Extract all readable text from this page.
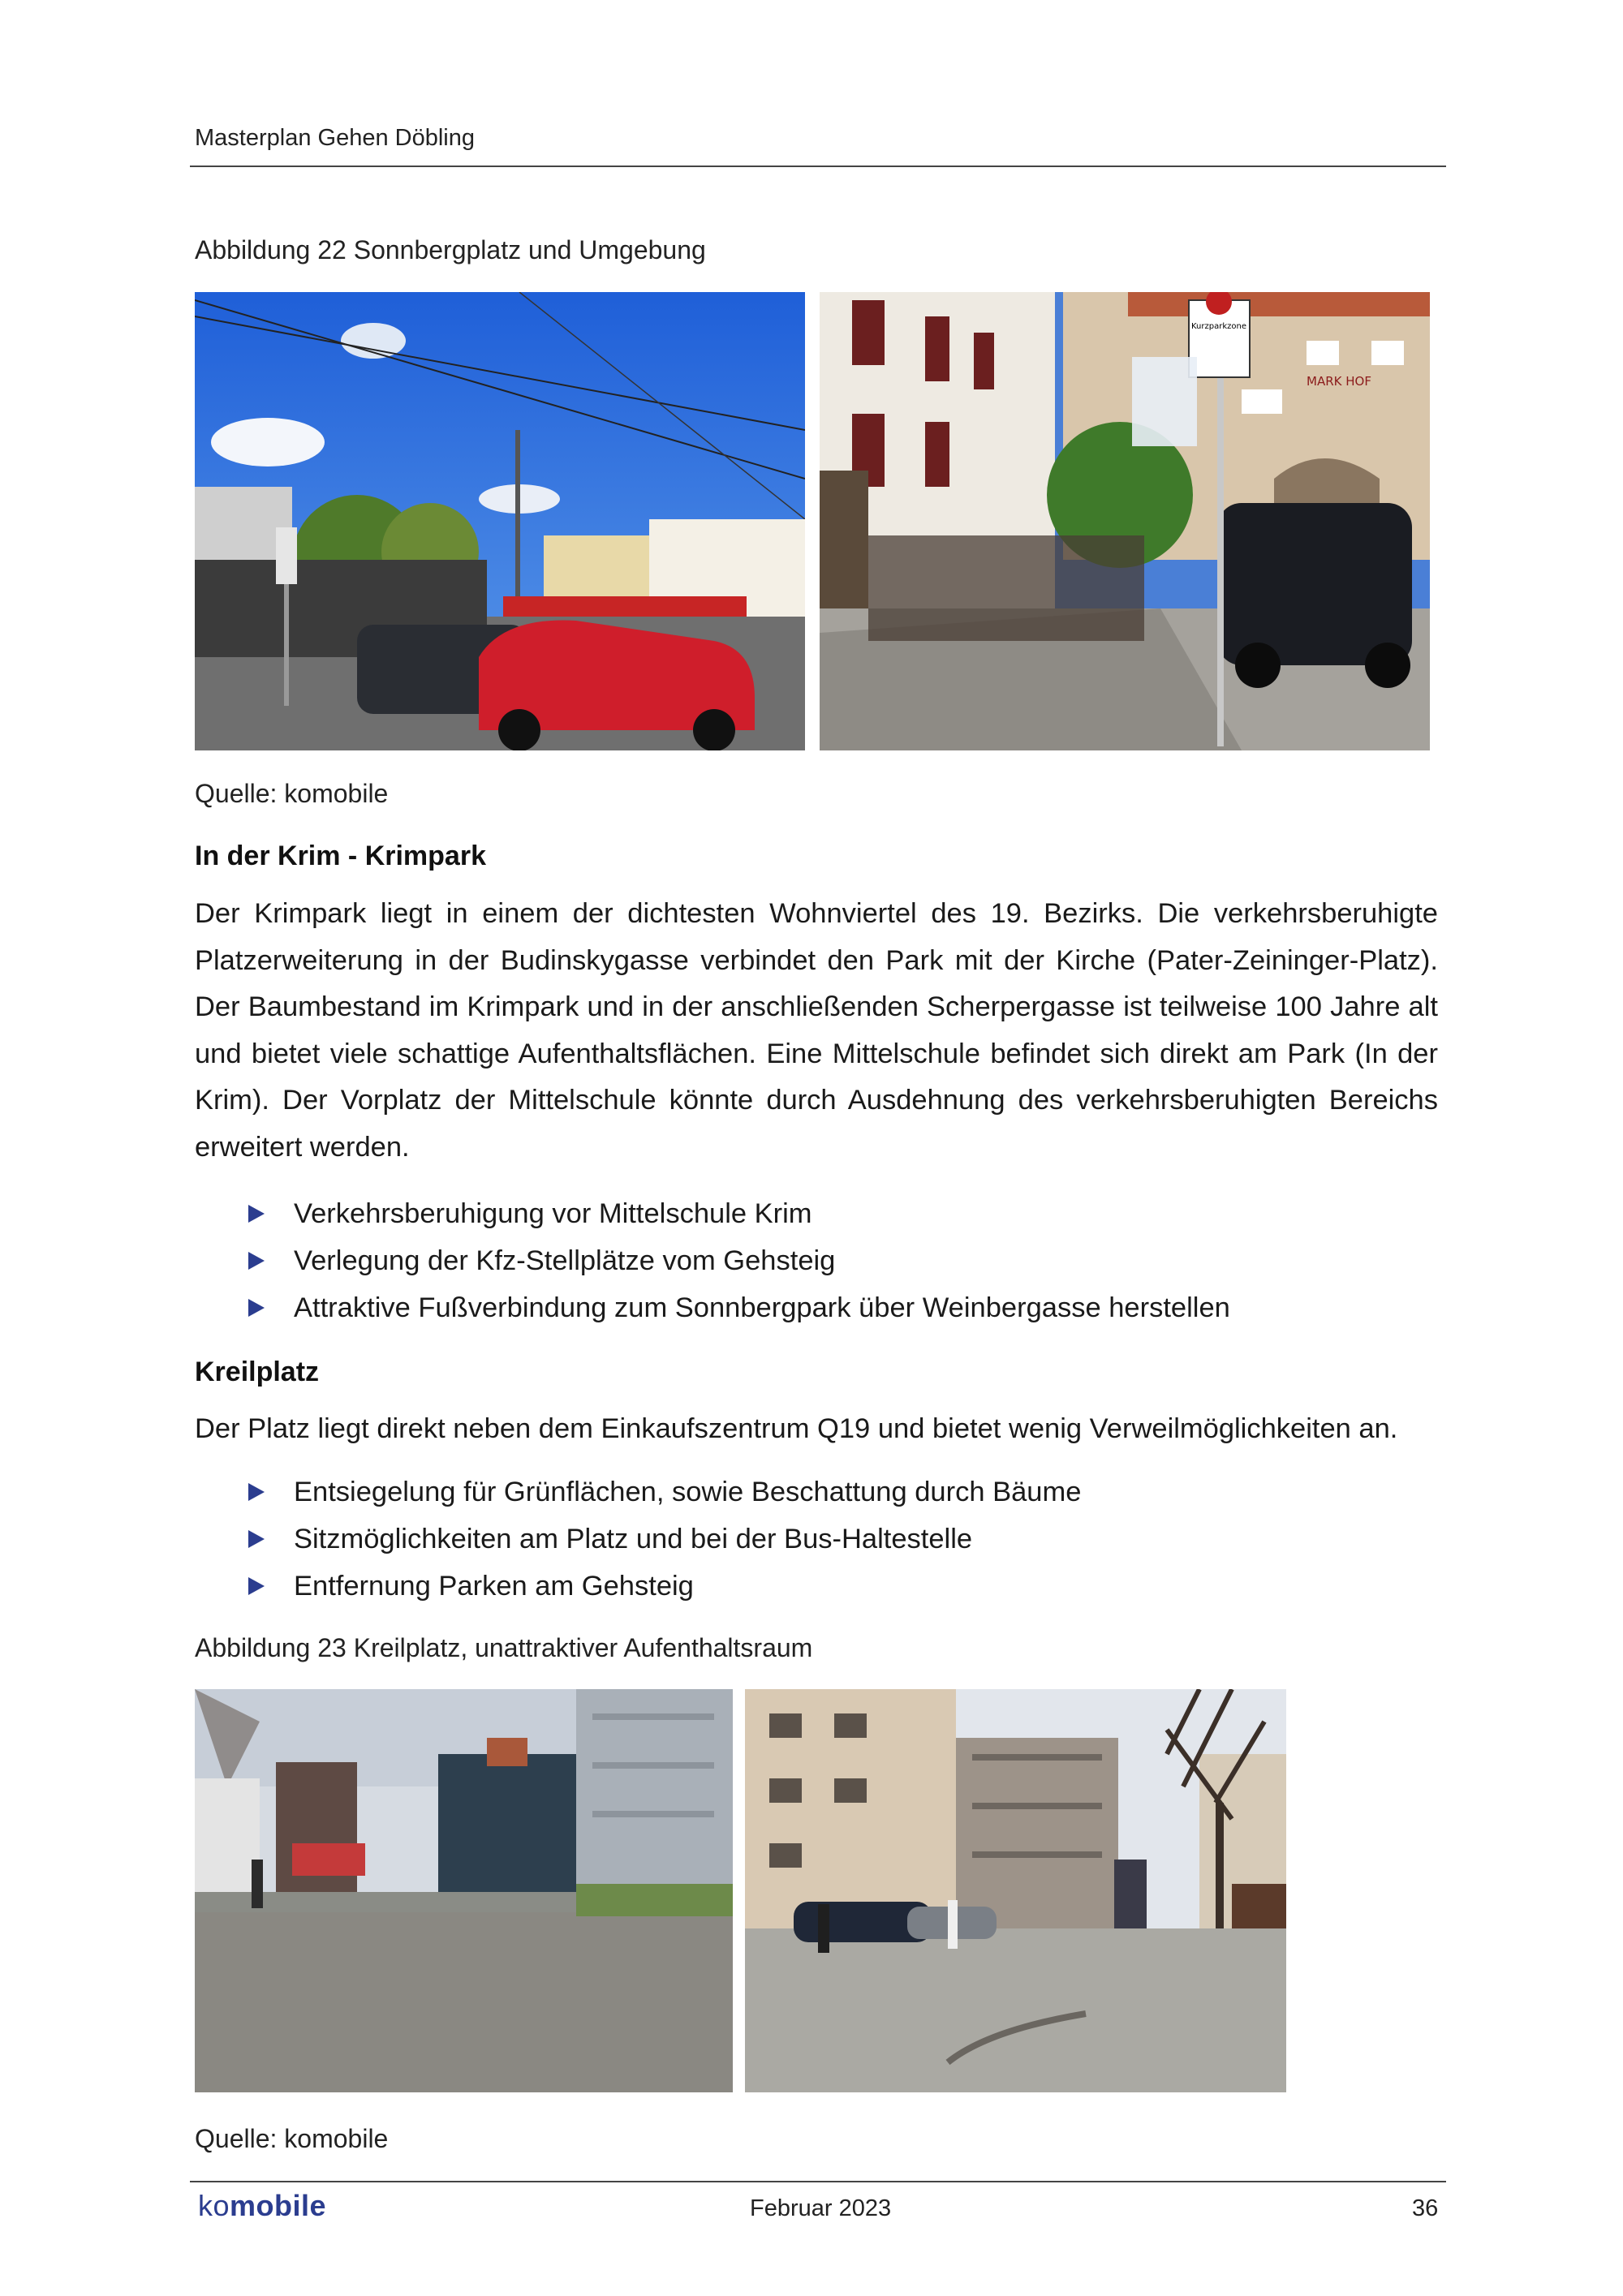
Masterplan Gehen Döbling
Abbildung 22 Sonnbergplatz und Umgebung
Kurzparkzone
MARK HOF
Quelle: komobile
In der Krim - Krimpark
Der Krimpark liegt in einem der dichtesten Wohnviertel des 19. Bezirks. Die verkehrsberuhigte Platzerweiterung in der Budinskygasse verbindet den Park mit der Kirche (Pater-Zeininger-Platz). Der Baumbestand im Krimpark und in der anschließenden Scherpergasse ist teilweise 100 Jahre alt und bietet viele schattige Aufenthaltsflächen. Eine Mittelschule befindet sich direkt am Park (In der Krim). Der Vorplatz der Mittelschule könnte durch Ausdehnung des verkehrsberuhigten Bereichs erweitert werden.
Verkehrsberuhigung vor Mittelschule Krim
Verlegung der Kfz-Stellplätze vom Gehsteig
Attraktive Fußverbindung zum Sonnbergpark über Weinbergasse herstellen
Kreilplatz
Der Platz liegt direkt neben dem Einkaufszentrum Q19 und bietet wenig Verweilmöglichkeiten an.
Entsiegelung für Grünflächen, sowie Beschattung durch Bäume
Sitzmöglichkeiten am Platz und bei der Bus-Haltestelle
Entfernung Parken am Gehsteig
Abbildung 23 Kreilplatz, unattraktiver Aufenthaltsraum
Quelle: komobile
komobile	Februar 2023	36
